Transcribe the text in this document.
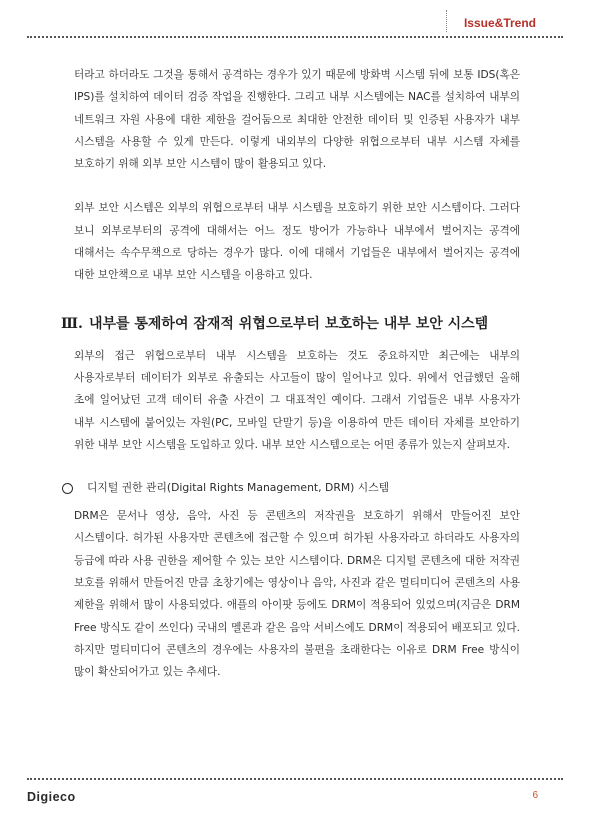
Issue&Trend

터라고 하더라도 그것을 통해서 공격하는 경우가 있기 때문에 방화벽 시스템 뒤에 보통 IDS(혹은 IPS)를 설치하여 데이터 검증 작업을 진행한다. 그리고 내부 시스템에는 NAC를 설치하여 내부의 네트워크 자원 사용에 대한 제한을 걸어둠으로 최대한 안전한 데이터 및 인증된 사용자가 내부 시스템을 사용할 수 있게 만든다. 이렇게 내외부의 다양한 위협으로부터 내부 시스템 자체를 보호하기 위해 외부 보안 시스템이 많이 활용되고 있다.

외부 보안 시스템은 외부의 위협으로부터 내부 시스템을 보호하기 위한 보안 시스템이다. 그러다 보니 외부로부터의 공격에 대해서는 어느 정도 방어가 가능하나 내부에서 벌어지는 공격에 대해서는 속수무책으로 당하는 경우가 많다. 이에 대해서 기업들은 내부에서 벌어지는 공격에 대한 보안책으로 내부 보안 시스템을 이용하고 있다.

Ⅲ. 내부를 통제하여 잠재적 위협으로부터 보호하는 내부 보안 시스템

외부의 접근 위협으로부터 내부 시스템을 보호하는 것도 중요하지만 최근에는 내부의 사용자로부터 데이터가 외부로 유출되는 사고들이 많이 일어나고 있다. 위에서 언급했던 올해 초에 일어났던 고객 데이터 유출 사건이 그 대표적인 예이다. 그래서 기업들은 내부 사용자가 내부 시스템에 붙어있는 자원(PC, 모바일 단말기 등)을 이용하여 만든 데이터 자체를 보안하기 위한 내부 보안 시스템을 도입하고 있다. 내부 보안 시스템으로는 어떤 종류가 있는지 살펴보자.

디지털 권한 관리(Digital Rights Management, DRM) 시스템

DRM은 문서나 영상, 음악, 사진 등 콘텐츠의 저작권을 보호하기 위해서 만들어진 보안 시스템이다. 허가된 사용자만 콘텐츠에 접근할 수 있으며 허가된 사용자라고 하더라도 사용자의 등급에 따라 사용 권한을 제어할 수 있는 보안 시스템이다. DRM은 디지털 콘텐츠에 대한 저작권 보호를 위해서 만들어진 만큼 초창기에는 영상이나 음악, 사진과 같은 멀티미디어 콘텐츠의 사용 제한을 위해서 많이 사용되었다. 애플의 아이팟 등에도 DRM이 적용되어 있었으며(지금은 DRM Free 방식도 같이 쓰인다) 국내의 멜론과 같은 음악 서비스에도 DRM이 적용되어 배포되고 있다. 하지만 멀티미디어 콘텐츠의 경우에는 사용자의 불편을 초래한다는 이유로 DRM Free 방식이 많이 확산되어가고 있는 추세다.

Digieco	6
